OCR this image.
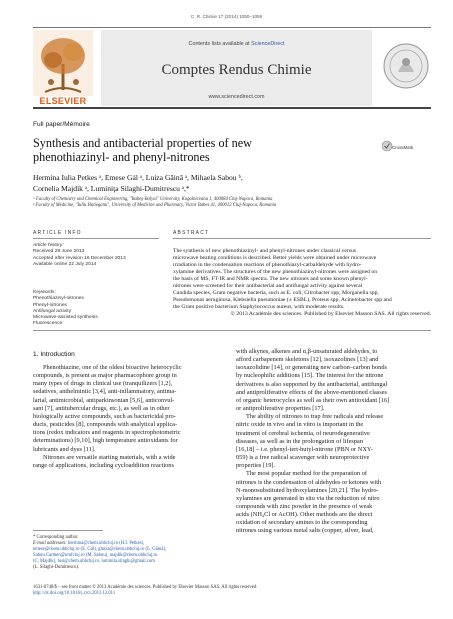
C. R. Chimie 17 (2014) 1050–1056
ELSEVIER
Contents lists available at ScienceDirect
Comptes Rendus Chimie
www.sciencedirect.com
Full paper/Mémoire
Synthesis and antibacterial properties of new
phenothiazinyl- and phenyl-nitrones
CrossMark
Hermina Iulia Petkes ᵃ, Emese Gál ᵃ, Luiza Găină ᵃ, Mihaela Sabou ᵇ,
Cornelia Majdik ᵃ, Luminiţa Silaghi-Dumitrescu ᵃ,*
ᵃ Faculty of Chemistry and Chemical Engineering, "Babeş-Bolyai" University, Kogalniceanu 1, 400084 Cluj-Napoca, Romania
ᵇ Faculty of Medicine, "Iuliu Hatieganu", University of Medicine and Pharmacy, Victor Babes 41, 400012 Cluj-Napoca, Romania
ARTICLE INFO	ABSTRACT
Article history:
Received 28 June 2013
Accepted after revision 16 December 2013
Available online 22 July 2014
Keywords:
Phenothiazinyl-nitrones
Phenyl-nitrones
Antifungal activity
Microwave-assisted synthesis
Fluorescence
The synthesis of new phenothiazinyl- and phenyl-nitrones under classical versus
microwave heating conditions is described. Better yields were obtained under microwave
irradiation in the condensation reactions of phenothiazyl-carbaldehyde with hydro-
xylamine derivatives. The structures of the new phenothiazinyl-nitrones were assigned on
the basis of MS, FT-IR and NMR spectra. The new nitrones and some known phenyl-
nitrones were screened for their antibacterial and antifungal activity against several
Candida species, Gram negative bacteria, such as E. coli, Citrobacter spp, Morganella spp,
Pseudomonas aeruginosa, Klebsiella pneumoniae (± ESBL), Proteus spp, Acinetobacter spp and
the Gram positive bacterium Staphylococcus aureus, with moderate results.
© 2013 Académie des sciences. Published by Elsevier Masson SAS. All rights reserved.
1. Introduction
Phenothiazine, one of the oldest bioactive heterocyclic
compounds, is present as major pharmacophore group in
many types of drugs in clinical use (tranquilizers [1,2],
sedatives, anthelmintic [3,4], anti-inflammatory, antima-
larial, antimicrobial, antiparkinsonian [5,6], anticonvul-
sant [7], antitubercular drugs, etc.), as well as in other
biologically active compounds, such as bactericidal pro-
ducts, pesticides [8], compounds with analytical applica-
tions (redox indicators and reagents in spectrophotometric
determinations) [9,10], high temperature antioxidants for
lubricants and dyes [11].
Nitrones are versatile starting materials, with a wide
range of applications, including cycloaddition reactions
with alkynes, alkenes and α,β-unsaturated aldehydes, to
afford carbapenem skeletons [12], isoxazolines [13] and
isoxazolidine [14], or generating new carbon–carbon bonds
by nucleophilic additions [15]. The interest for the nitrone
derivatives is also supported by the antibacterial, antifungal
and antiproliferative effects of the above-mentioned classes
of organic heterocycles as well as their own antioxidant [16]
or antiproliferative properties [17].
The ability of nitrones to trap free radicals and release
nitric oxide in vivo and in vitro is important in the
treatment of cerebral ischemia, of neurodegenerative
diseases, as well as in the prolongation of lifespan
[16,18] – i.e. phenyl-tert-butyl-nitrone (PBN or NXY-
059) is a free radical scavenger with neuroprotective
properties [19].
The most popular method for the preparation of
nitrones is the condensation of aldehydes or ketones with
N-monosubstituted hydroxylamines [20,21]. The hydro-
xylamines are generated in situ via the reduction of nitro
compounds with zinc powder in the presence of weak
acids (NH₄Cl or AcOH). Other methods are the direct
oxidation of secondary amines to the corresponding
nitrones using various metal salts (copper, silver, lead,
* Corresponding author.
E-mail addresses: hermina@chem.ubbcluj.ro (H.I. Petkes),
emese@chem.ubbcluj.ro (E. Gál), gluiza@chem.ubbcluj.ro (L. Găină),
Sabou.Carmen@umfcluj.ro (M. Sabou), majdik@chem.ubbcluj.ro
(C. Majdik), lusi@chem.ubbcluj.ro, luminita.silaghi@gmail.com
(L. Silaghi-Dumitrescu).
1631-0748/$ – see front matter © 2013 Académie des sciences. Published by Elsevier Masson SAS. All rights reserved.
http://dx.doi.org/10.1016/j.crci.2013.12.011
